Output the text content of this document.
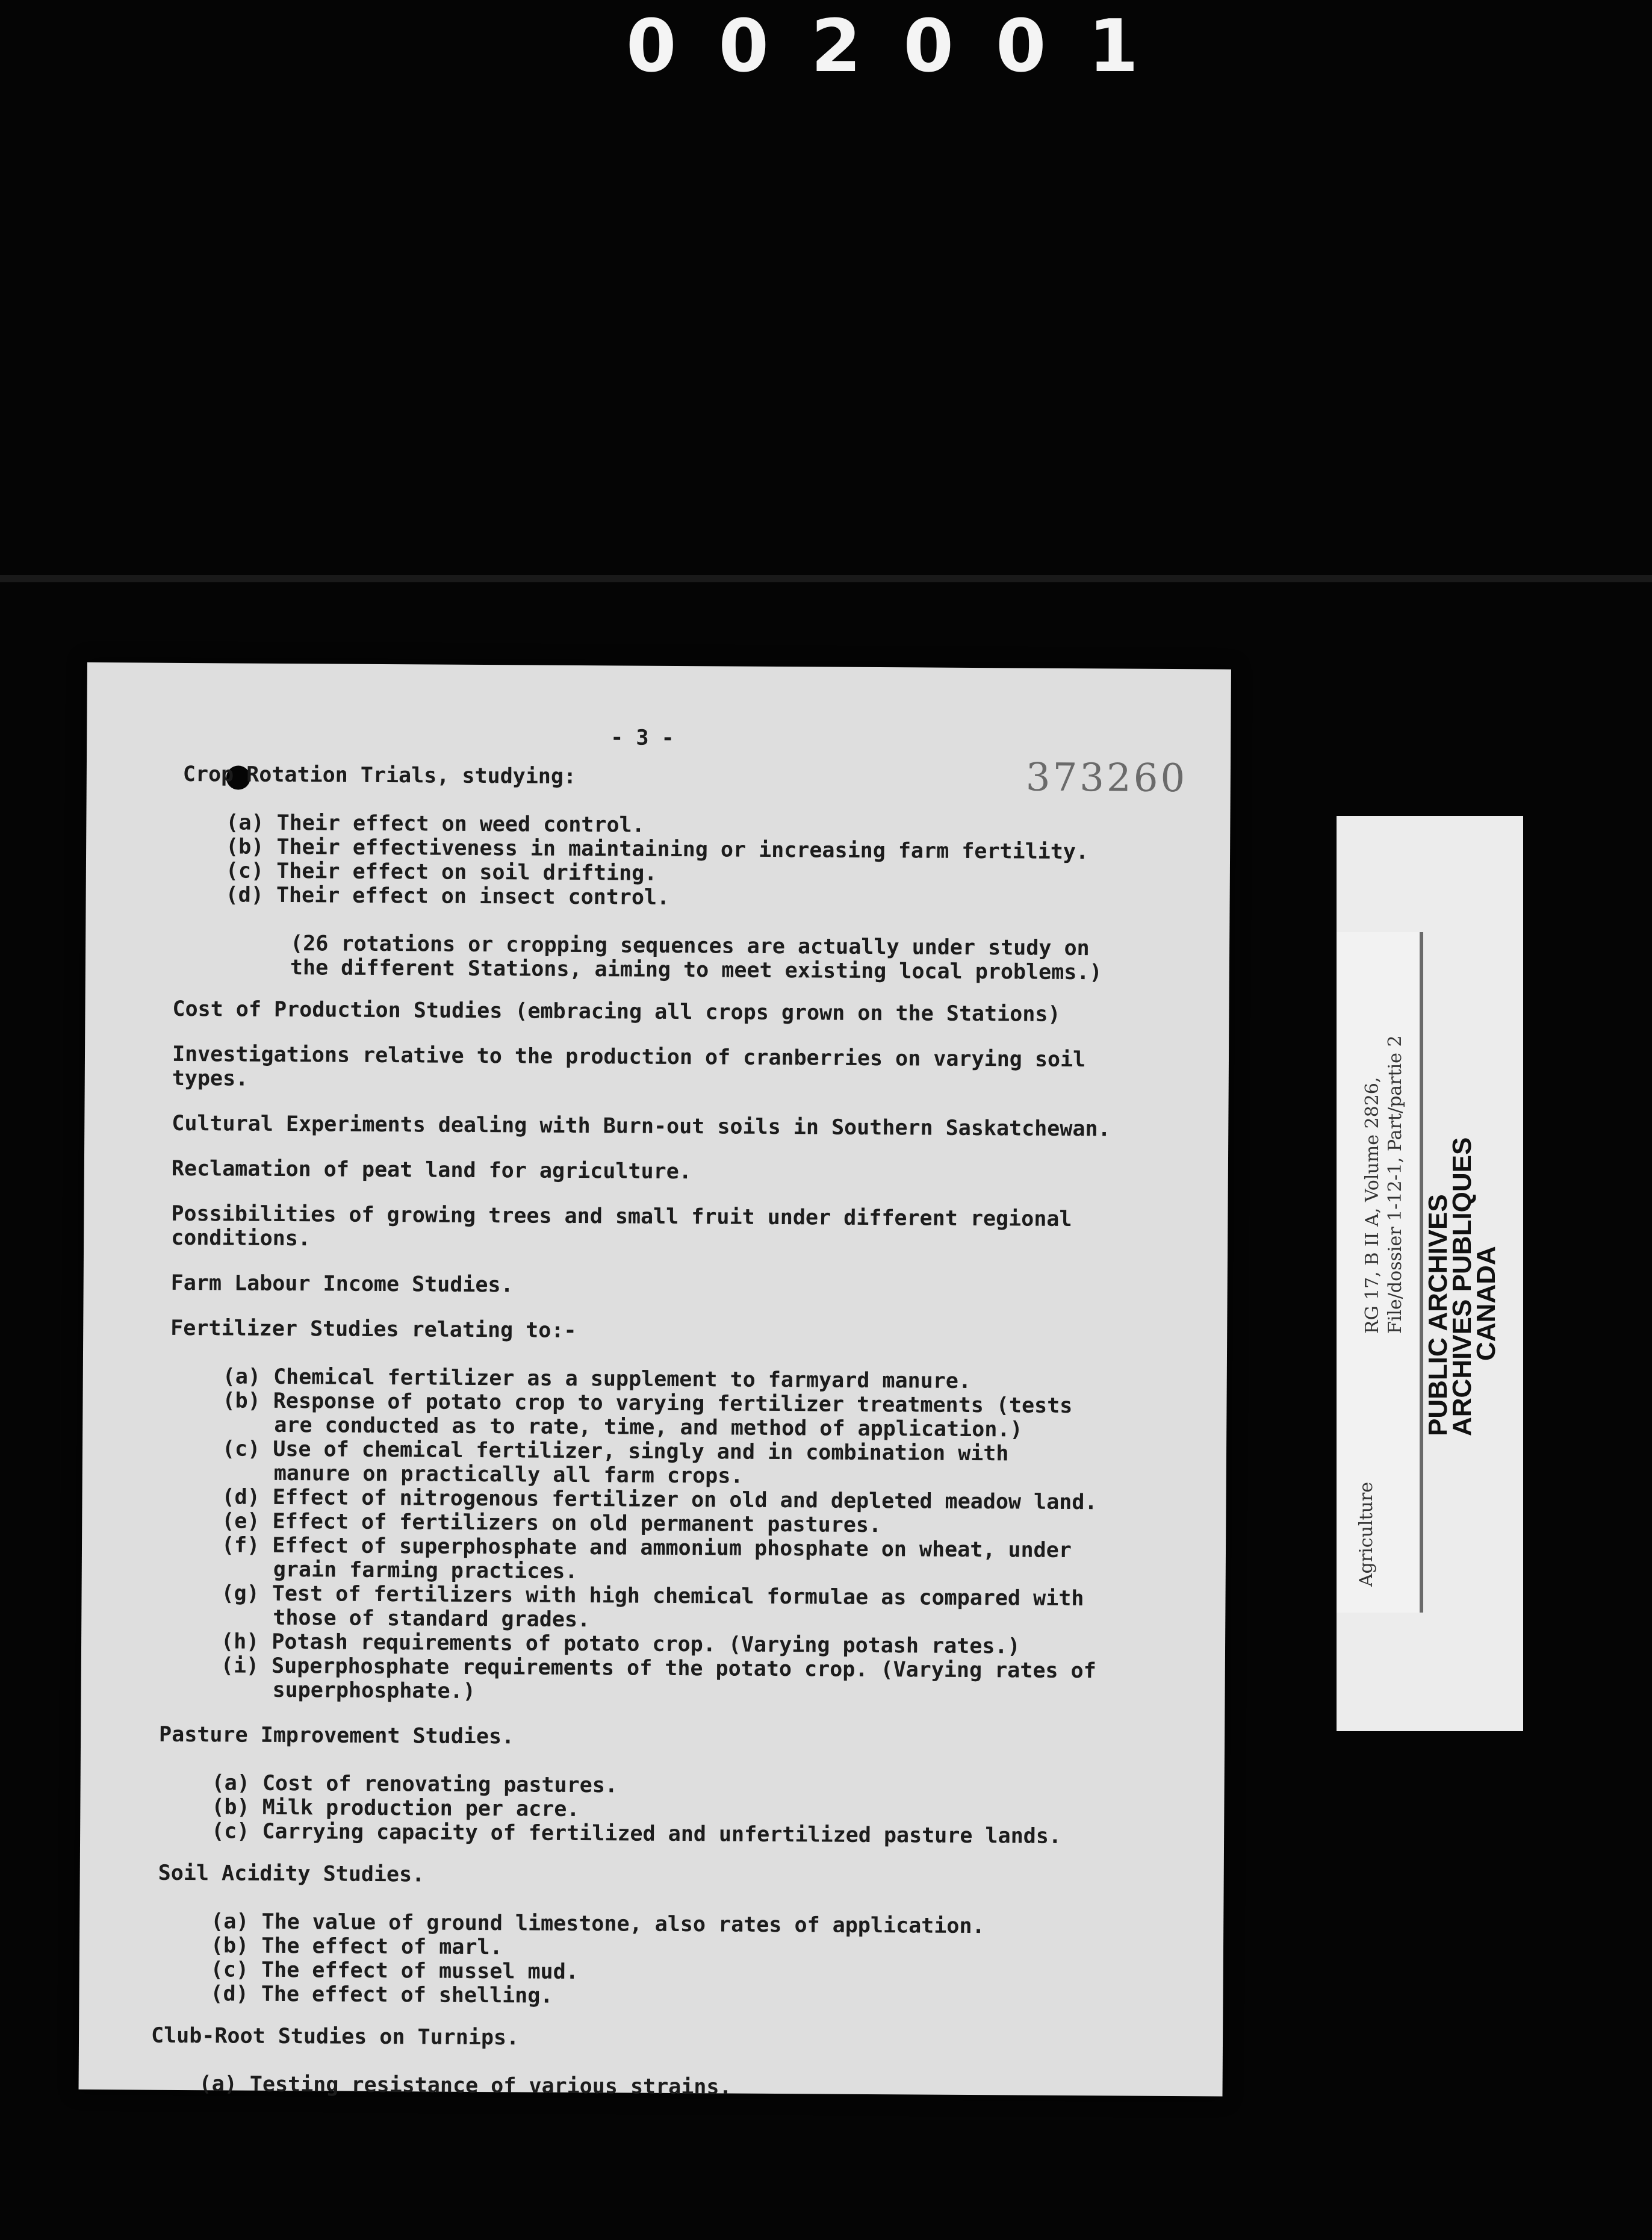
002001
- 3 -
373260
Crop Rotation Trials, studying:
(a) Their effect on weed control.
(b) Their effectiveness in maintaining or increasing farm fertility.
(c) Their effect on soil drifting.
(d) Their effect on insect control.
(26 rotations or cropping sequences are actually under study on
the different Stations, aiming to meet existing local problems.)
Cost of Production Studies (embracing all crops grown on the Stations)
Investigations relative to the production of cranberries on varying soil
types.
Cultural Experiments dealing with Burn-out soils in Southern Saskatchewan.
Reclamation of peat land for agriculture.
Possibilities of growing trees and small fruit under different regional
conditions.
Farm Labour Income Studies.
Fertilizer Studies relating to:-
(a) Chemical fertilizer as a supplement to farmyard manure.
(b) Response of potato crop to varying fertilizer treatments (tests
are conducted as to rate, time, and method of application.)
(c) Use of chemical fertilizer, singly and in combination with
manure on practically all farm crops.
(d) Effect of nitrogenous fertilizer on old and depleted meadow land.
(e) Effect of fertilizers on old permanent pastures.
(f) Effect of superphosphate and ammonium phosphate on wheat, under
grain farming practices.
(g) Test of fertilizers with high chemical formulae as compared with
those of standard grades.
(h) Potash requirements of potato crop. (Varying potash rates.)
(i) Superphosphate requirements of the potato crop. (Varying rates of
superphosphate.)
Pasture Improvement Studies.
(a) Cost of renovating pastures.
(b) Milk production per acre.
(c) Carrying capacity of fertilized and unfertilized pasture lands.
Soil Acidity Studies.
(a) The value of ground limestone, also rates of application.
(b) The effect of marl.
(c) The effect of mussel mud.
(d) The effect of shelling.
Club-Root Studies on Turnips.
(a) Testing resistance of various strains.
Agriculture
RG 17, B II A, Volume 2826, File/dossier 1-12-1, Part/partie 2 PUBLIC ARCHIVES
ARCHIVES PUBLIQUES
CANADA
